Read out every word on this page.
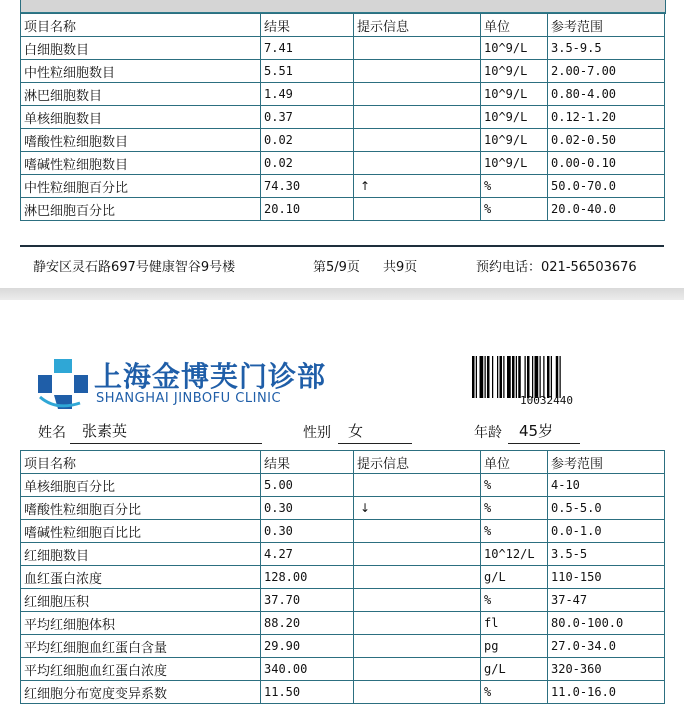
项目名称	结果	提示信息	单位	参考范围
白细胞数目	7.41		10^9/L	3.5-9.5
中性粒细胞数目	5.51		10^9/L	2.00-7.00
淋巴细胞数目	1.49		10^9/L	0.80-4.00
单核细胞数目	0.37		10^9/L	0.12-1.20
嗜酸性粒细胞数目	0.02		10^9/L	0.02-0.50
嗜碱性粒细胞数目	0.02		10^9/L	0.00-0.10
中性粒细胞百分比	74.30	↑	%	50.0-70.0
淋巴细胞百分比	20.10		%	20.0-40.0
静安区灵石路697号健康智谷9号楼	第5/9页 共9页	预约电话：021-56503676
上海金博芙门诊部
SHANGHAI JINBOFU CLINIC	10032440
姓名 张素英	性别 女	年龄 45岁
项目名称	结果	提示信息	单位	参考范围
单核细胞百分比	5.00		%	4-10
嗜酸性粒细胞百分比	0.30	↓	%	0.5-5.0
嗜碱性粒细胞百比比	0.30		%	0.0-1.0
红细胞数目	4.27		10^12/L	3.5-5
血红蛋白浓度	128.00		g/L	110-150
红细胞压积	37.70		%	37-47
平均红细胞体积	88.20		fl	80.0-100.0
平均红细胞血红蛋白含量	29.90		pg	27.0-34.0
平均红细胞血红蛋白浓度	340.00		g/L	320-360
红细胞分布宽度变异系数	11.50		%	11.0-16.0
